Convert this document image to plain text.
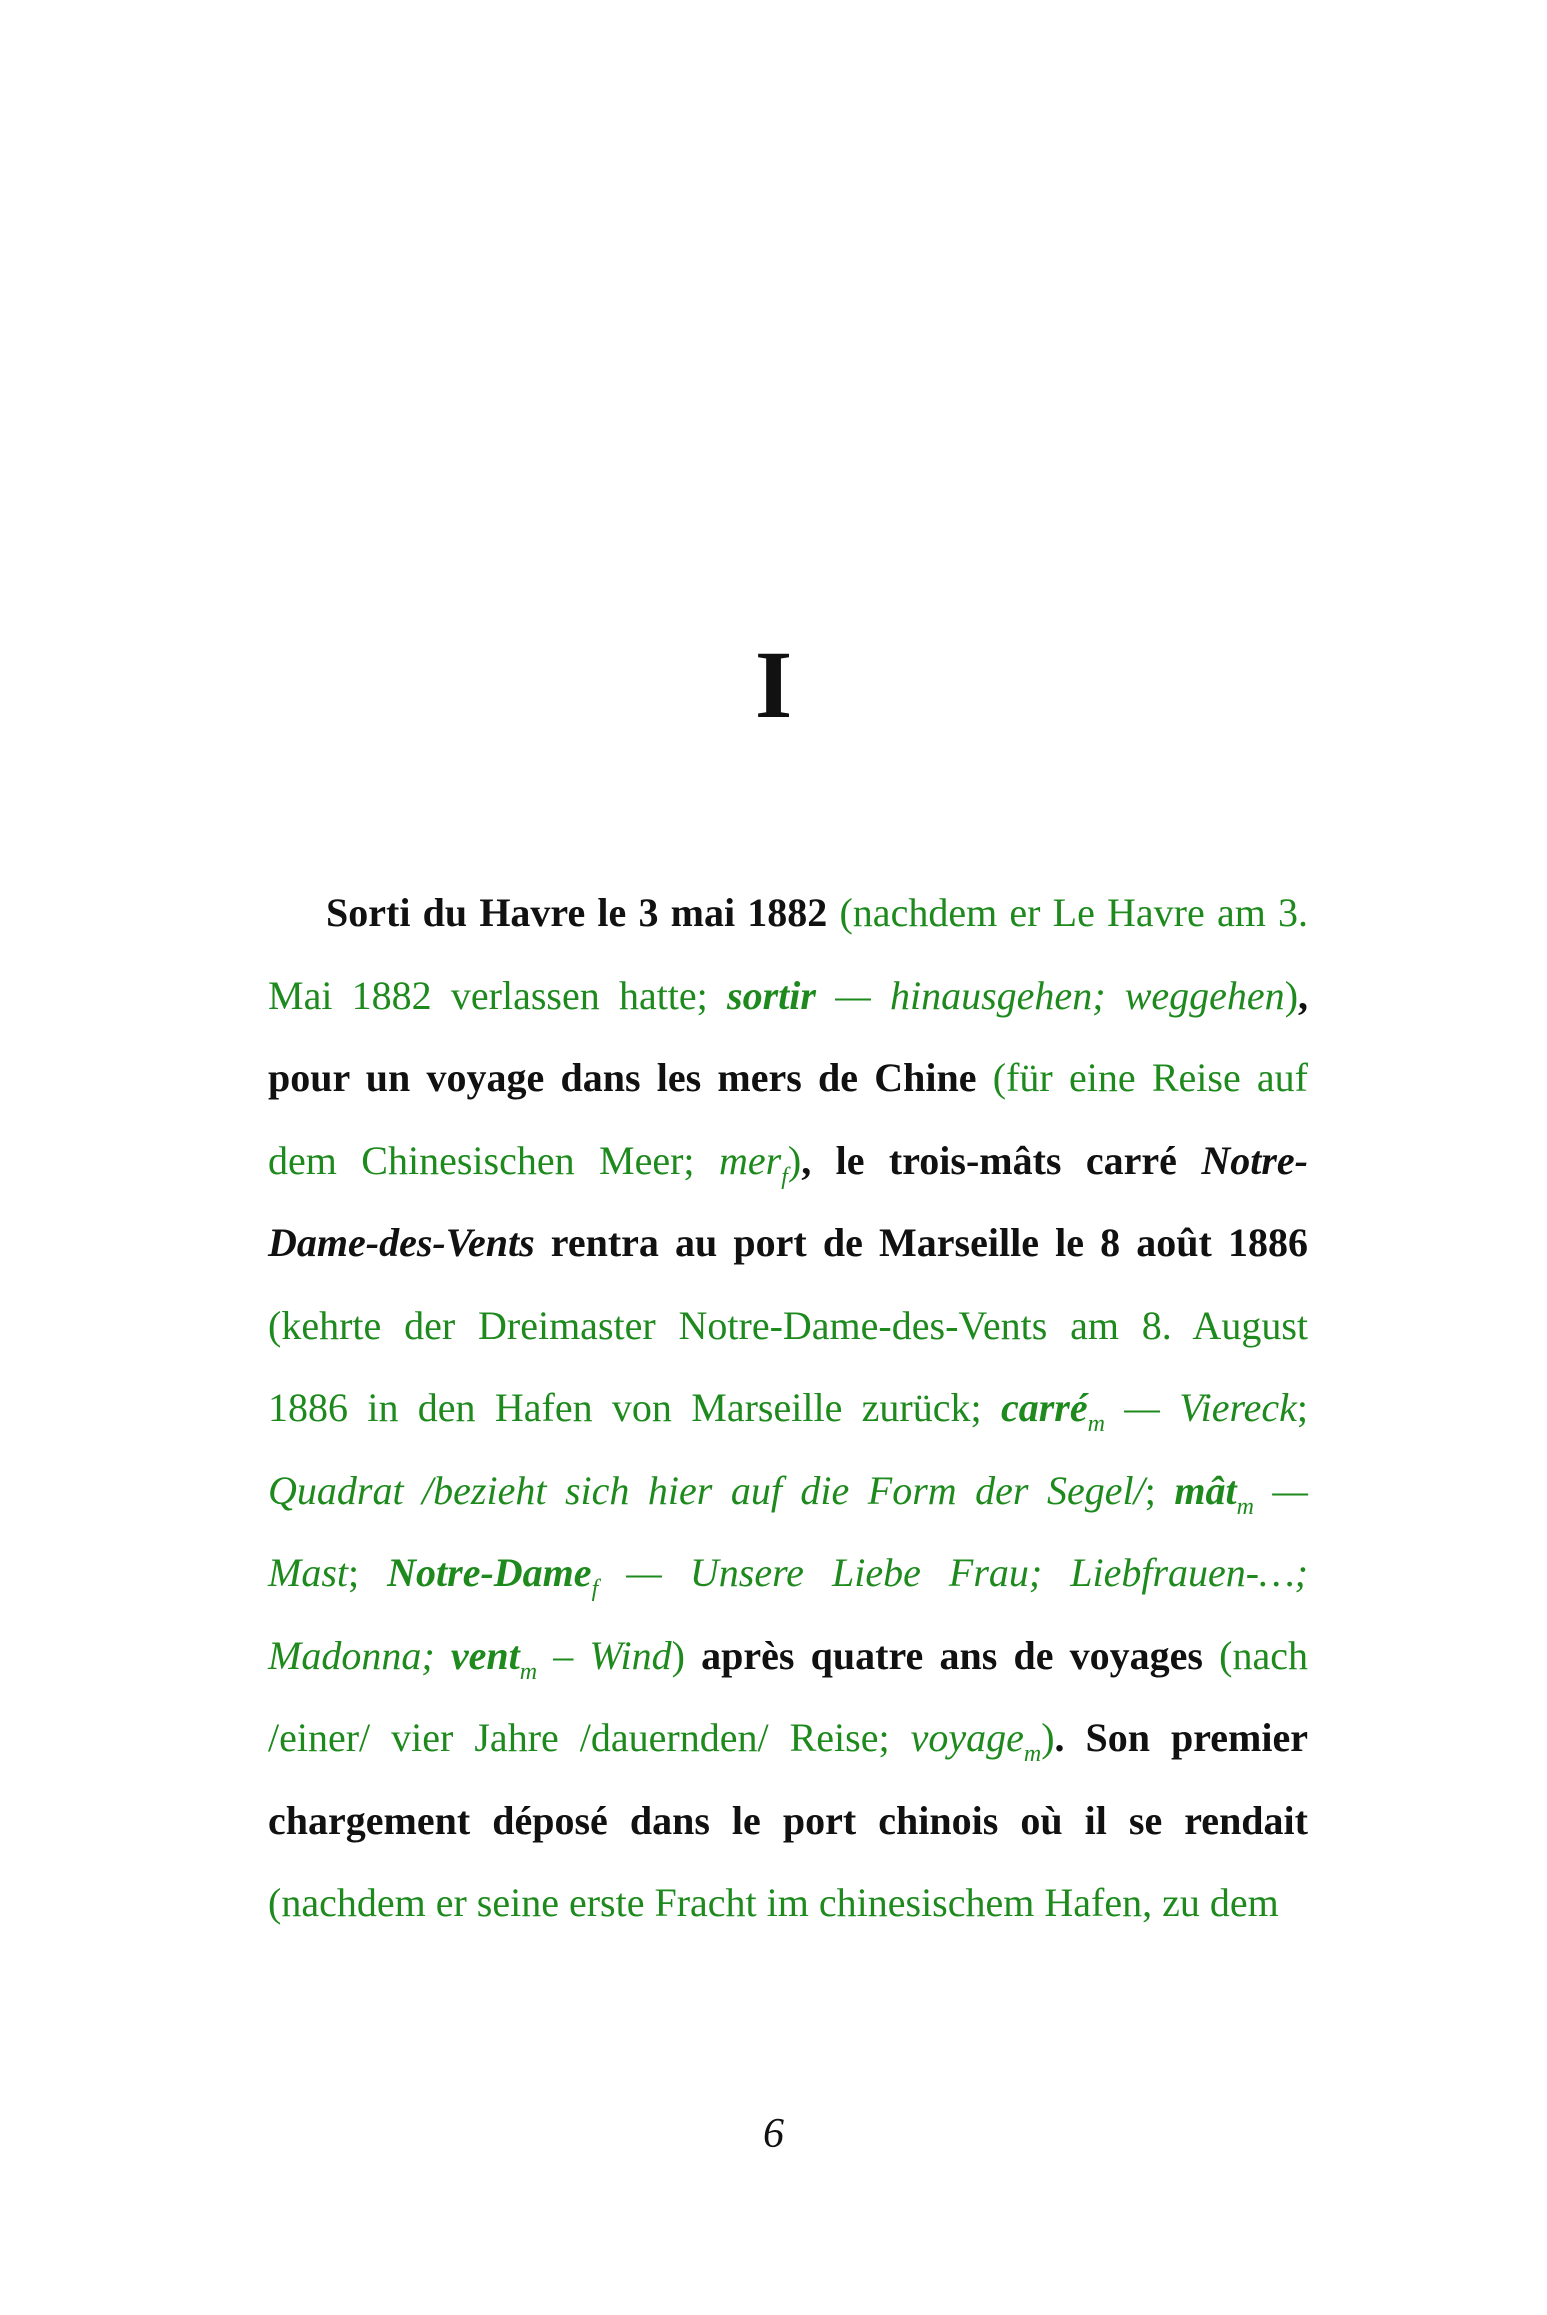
I

Sorti du Havre le 3 mai 1882 (nachdem er Le Havre am 3. Mai 1882 verlassen hatte; sortir — hinausgehen; weggehen), pour un voyage dans les mers de Chine (für eine Reise auf dem Chinesischen Meer; mer$_f$), le trois-mâts carré Notre-Dame-des-Vents rentra au port de Marseille le 8 août 1886 (kehrte der Dreimaster Notre-Dame-des-Vents am 8. August 1886 in den Hafen von Marseille zurück; carré$_m$ — Viereck; Quadrat /bezieht sich hier auf die Form der Segel/; mât$_m$ — Mast; Notre-Dame$_f$ — Unsere Liebe Frau; Liebfrauen-…; Madonna; vent$_m$ – Wind) après quatre ans de voyages (nach /einer/ vier Jahre /dauernden/ Reise; voyage$_m$). Son premier chargement déposé dans le port chinois où il se rendait (nachdem er seine erste Fracht im chinesischem Hafen, zu dem

6
